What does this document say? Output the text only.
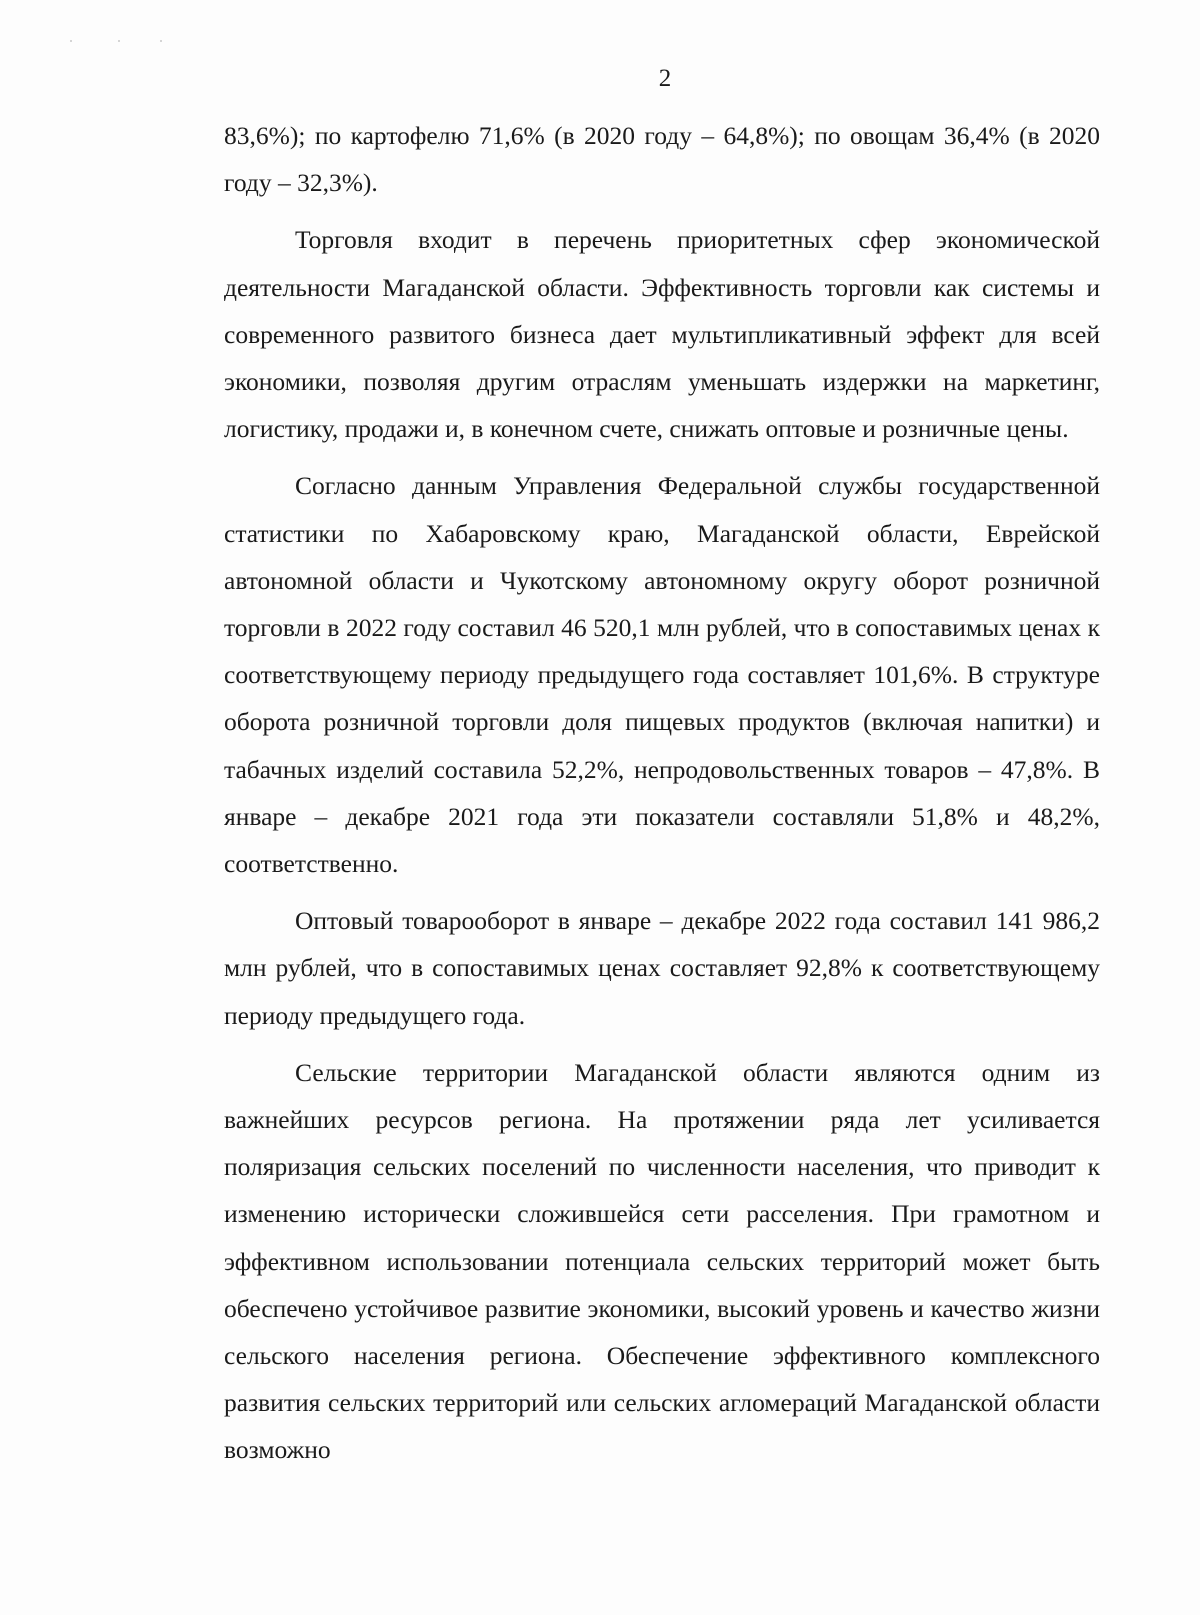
2

83,6%); по картофелю 71,6% (в 2020 году – 64,8%); по овощам 36,4% (в 2020 году – 32,3%).

Торговля входит в перечень приоритетных сфер экономической деятельности Магаданской области. Эффективность торговли как системы и современного развитого бизнеса дает мультипликативный эффект для всей экономики, позволяя другим отраслям уменьшать издержки на маркетинг, логистику, продажи и, в конечном счете, снижать оптовые и розничные цены.

Согласно данным Управления Федеральной службы государственной статистики по Хабаровскому краю, Магаданской области, Еврейской автономной области и Чукотскому автономному округу оборот розничной торговли в 2022 году составил 46 520,1 млн рублей, что в сопоставимых ценах к соответствующему периоду предыдущего года составляет 101,6%. В структуре оборота розничной торговли доля пищевых продуктов (включая напитки) и табачных изделий составила 52,2%, непродовольственных товаров – 47,8%. В январе – декабре 2021 года эти показатели составляли 51,8% и 48,2%, соответственно.

Оптовый товарооборот в январе – декабре 2022 года составил 141 986,2 млн рублей, что в сопоставимых ценах составляет 92,8% к соответствующему периоду предыдущего года.

Сельские территории Магаданской области являются одним из важнейших ресурсов региона. На протяжении ряда лет усиливается поляризация сельских поселений по численности населения, что приводит к изменению исторически сложившейся сети расселения. При грамотном и эффективном использовании потенциала сельских территорий может быть обеспечено устойчивое развитие экономики, высокий уровень и качество жизни сельского населения региона. Обеспечение эффективного комплексного развития сельских территорий или сельских агломераций Магаданской области возможно
